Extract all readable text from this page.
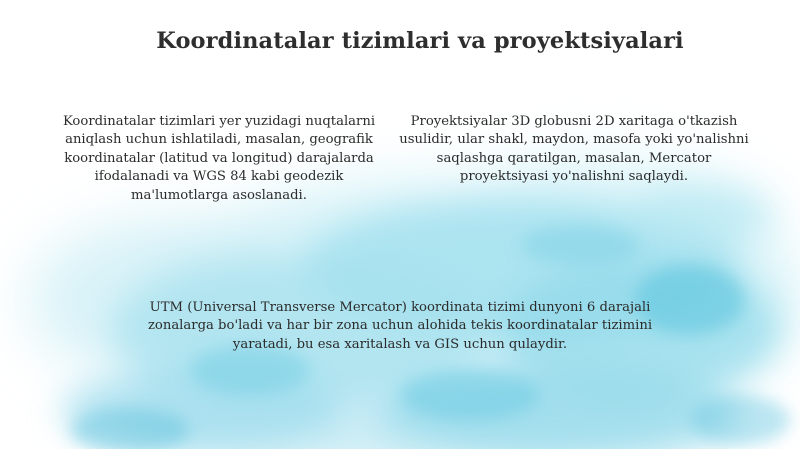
Koordinatalar tizimlari va proyektsiyalari

Koordinatalar tizimlari yer yuzidagi nuqtalarni aniqlash uchun ishlatiladi, masalan, geografik koordinatalar (latitud va longitud) darajalarda ifodalanadi va WGS 84 kabi geodezik ma'lumotlarga asoslanadi.

Proyektsiyalar 3D globusni 2D xaritaga o'tkazish usulidir, ular shakl, maydon, masofa yoki yo'nalishni saqlashga qaratilgan, masalan, Mercator proyektsiyasi yo'nalishni saqlaydi.

UTM (Universal Transverse Mercator) koordinata tizimi dunyoni 6 darajali zonalarga bo'ladi va har bir zona uchun alohida tekis koordinatalar tizimini yaratadi, bu esa xaritalash va GIS uchun qulaydir.
